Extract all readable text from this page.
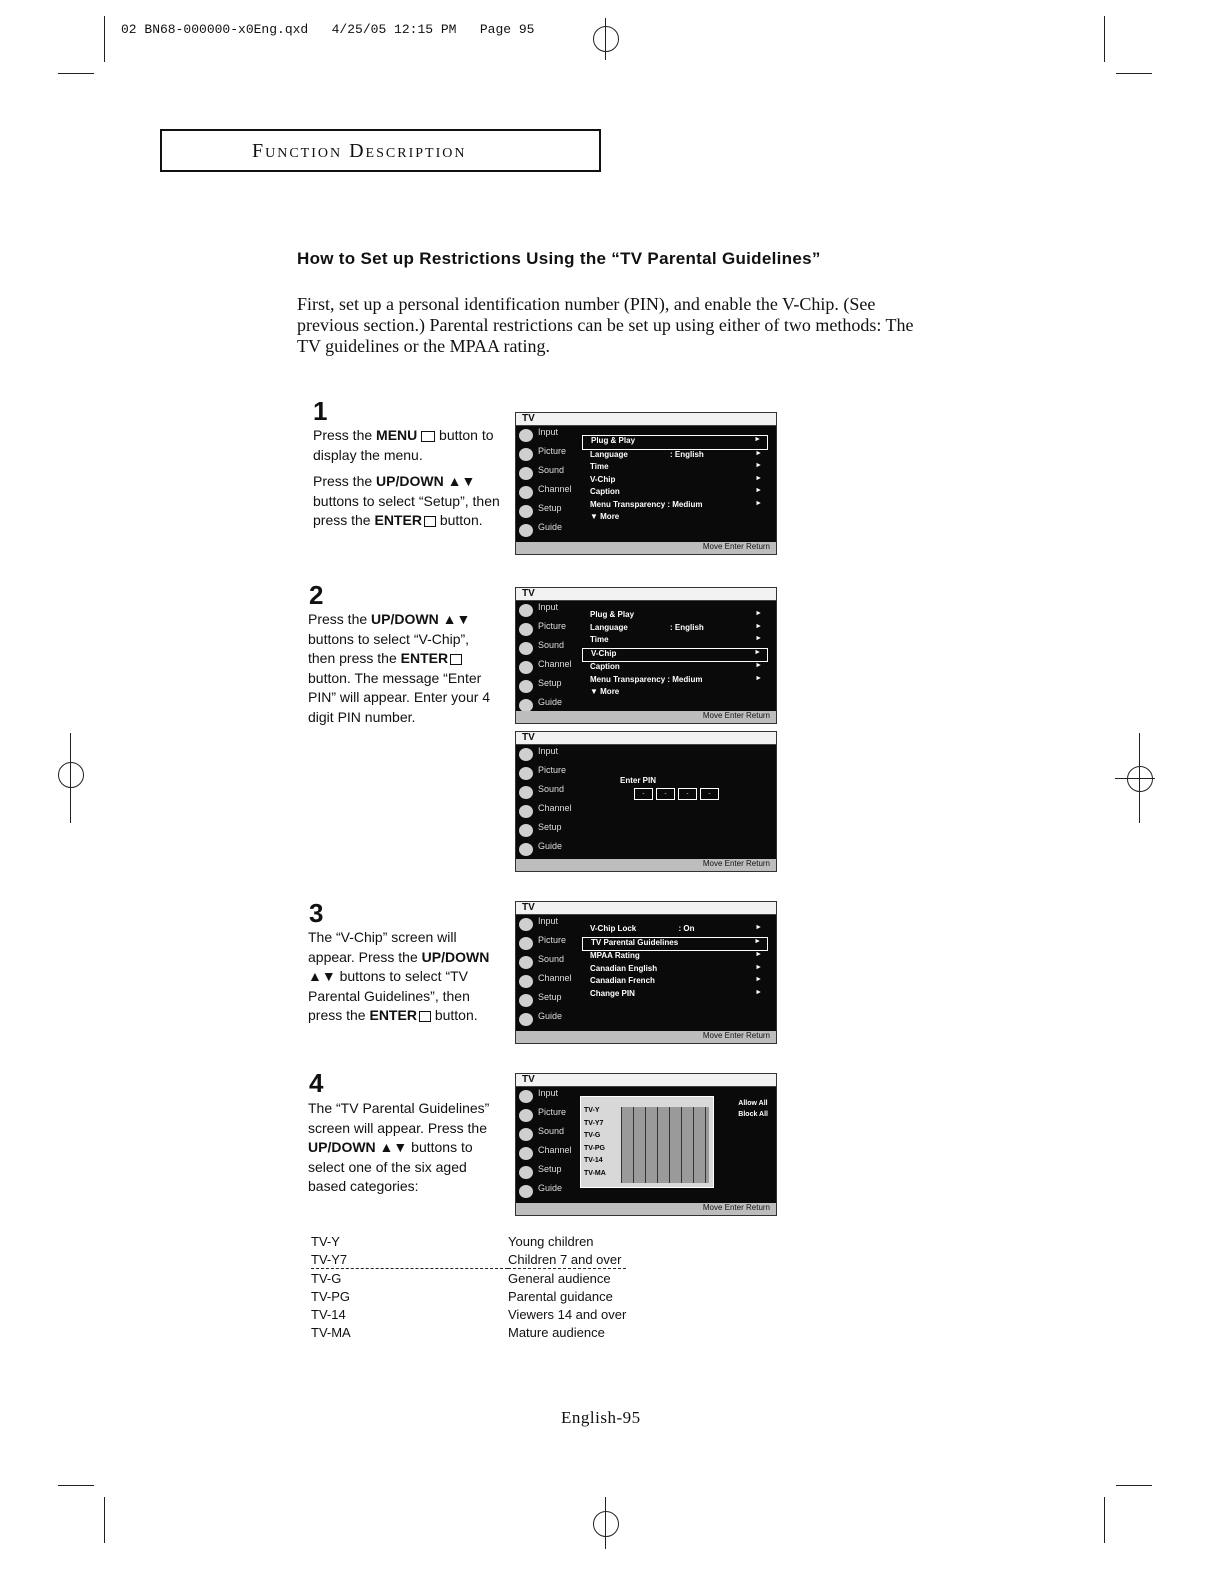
02 BN68-000000-x0Eng.qxd   4/25/05 12:15 PM   Page 95
Function Description
How to Set up Restrictions Using the “TV Parental Guidelines”
First, set up a personal identification number (PIN), and enable the V-Chip. (See previous section.) Parental restrictions can be set up using either of two methods: The TV guidelines or the MPAA rating.
1

Press the MENU  button to display the menu.

Press the UP/DOWN ▲▼ buttons to select “Setup”, then press the ENTER button.

TV
Input
Picture
Sound
Channel
Setup
Guide
Plug & Play	►
Language	: English	►
Time	►
V-Chip	►
Caption	►
Menu Transparency : Medium	►
▼ More
Move Enter Return
2

Press the UP/DOWN ▲▼ buttons to select “V-Chip”, then press the ENTER button. The message “Enter PIN” will appear. Enter your 4 digit PIN number.

TV
Input
Picture
Sound
Channel
Setup
Guide
Plug & Play	►
Language	: English	►
Time	►
V-Chip	►
Caption	►
Menu Transparency : Medium	►
▼ More
Move Enter Return
TV
Input
Picture
Sound
Channel
Setup
Guide
Enter PIN
-	-	-	-
Move Enter Return
3

The “V-Chip” screen will appear. Press the UP/DOWN ▲▼ buttons to select “TV Parental Guidelines”, then press the ENTER button.

TV
Input
Picture
Sound
Channel
Setup
Guide
V-Chip Lock	: On	►
TV Parental Guidelines	►
MPAA Rating	►
Canadian English	►
Canadian French	►
Change PIN	►
Move Enter Return
4

The “TV Parental Guidelines” screen will appear. Press the UP/DOWN ▲▼ buttons to select one of the six aged based categories:

TV
Input
Picture
Sound
Channel
Setup
Guide
TV-Y
TV-Y7
TV-G
TV-PG
TV-14
TV-MA
Allow All
Block All
Move Enter Return
TV-Y	Young children
TV-Y7	Children 7 and over
TV-G	General audience
TV-PG	Parental guidance
TV-14	Viewers 14 and over
TV-MA	Mature audience
English-95
